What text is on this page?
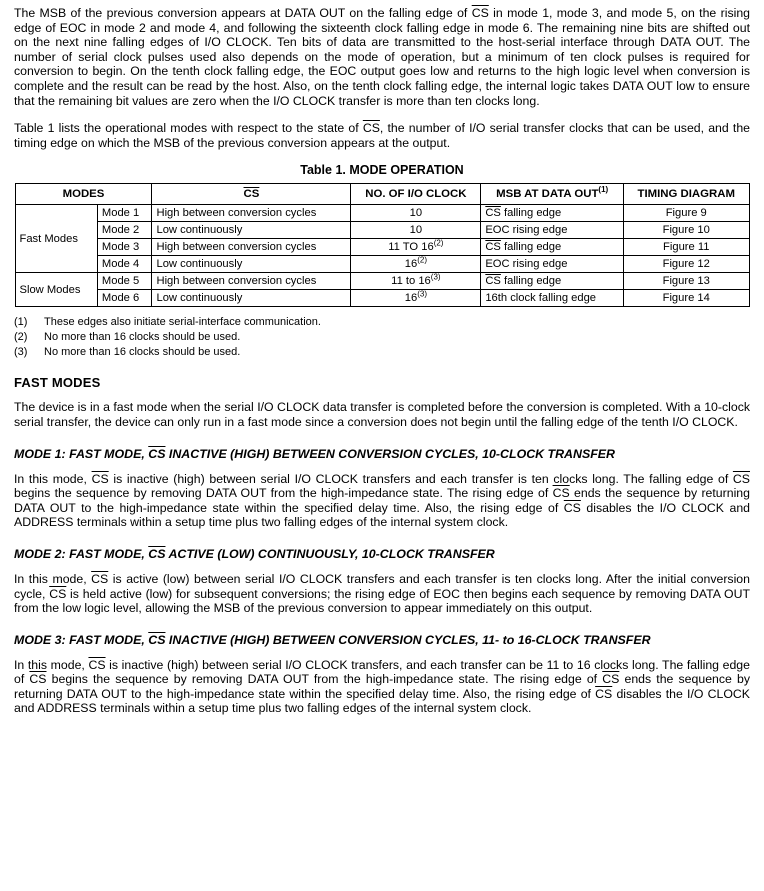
The MSB of the previous conversion appears at DATA OUT on the falling edge of $\overline{CS}$ in mode 1, mode 3, and mode 5, on the rising edge of EOC in mode 2 and mode 4, and following the sixteenth clock falling edge in mode 6. The remaining nine bits are shifted out on the next nine falling edges of I/O CLOCK. Ten bits of data are transmitted to the host-serial interface through DATA OUT. The number of serial clock pulses used also depends on the mode of operation, but a minimum of ten clock pulses is required for conversion to begin. On the tenth clock falling edge, the EOC output goes low and returns to the high logic level when conversion is complete and the result can be read by the host. Also, on the tenth clock falling edge, the internal logic takes DATA OUT low to ensure that the remaining bit values are zero when the I/O CLOCK transfer is more than ten clocks long.

Table 1 lists the operational modes with respect to the state of $\overline{CS}$, the number of I/O serial transfer clocks that can be used, and the timing edge on which the MSB of the previous conversion appears at the output.

Table 1. MODE OPERATION
MODES		$\overline{CS}$	NO. OF I/O CLOCK	MSB AT DATA OUT$^{(1)}$	TIMING DIAGRAM
Fast Modes	Mode 1	High between conversion cycles	10	$\overline{CS}$ falling edge	Figure 9
	Mode 2	Low continuously	10	EOC rising edge	Figure 10
	Mode 3	High between conversion cycles	11 TO 16$^{(2)}$	$\overline{CS}$ falling edge	Figure 11
	Mode 4	Low continuously	16$^{(2)}$	EOC rising edge	Figure 12
Slow Modes	Mode 5	High between conversion cycles	11 to 16$^{(3)}$	$\overline{CS}$ falling edge	Figure 13
	Mode 6	Low continuously	16$^{(3)}$	16th clock falling edge	Figure 14
(1)	These edges also initiate serial-interface communication.
(2)	No more than 16 clocks should be used.
(3)	No more than 16 clocks should be used.
FAST MODES

The device is in a fast mode when the serial I/O CLOCK data transfer is completed before the conversion is completed. With a 10-clock serial transfer, the device can only run in a fast mode since a conversion does not begin until the falling edge of the tenth I/O CLOCK.

MODE 1: FAST MODE, CS INACTIVE (HIGH) BETWEEN CONVERSION CYCLES, 10-CLOCK TRANSFER

In this mode, $\overline{CS}$ is inactive (high) between serial I/O CLOCK transfers and each transfer is ten clocks long. The falling edge of $\overline{CS}$ begins the sequence by removing DATA OUT from the high-impedance state. The rising edge of $\overline{CS}$ ends the sequence by returning DATA OUT to the high-impedance state within the specified delay time. Also, the rising edge of $\overline{CS}$ disables the I/O CLOCK and ADDRESS terminals within a setup time plus two falling edges of the internal system clock.

MODE 2: FAST MODE, CS ACTIVE (LOW) CONTINUOUSLY, 10-CLOCK TRANSFER

In this mode, $\overline{CS}$ is active (low) between serial I/O CLOCK transfers and each transfer is ten clocks long. After the initial conversion cycle, $\overline{CS}$ is held active (low) for subsequent conversions; the rising edge of EOC then begins each sequence by removing DATA OUT from the low logic level, allowing the MSB of the previous conversion to appear immediately on this output.

MODE 3: FAST MODE, CS INACTIVE (HIGH) BETWEEN CONVERSION CYCLES, 11- to 16-CLOCK TRANSFER

In this mode, $\overline{CS}$ is inactive (high) between serial I/O CLOCK transfers, and each transfer can be 11 to 16 clocks long. The falling edge of $\overline{CS}$ begins the sequence by removing DATA OUT from the high-impedance state. The rising edge of $\overline{CS}$ ends the sequence by returning DATA OUT to the high-impedance state within the specified delay time. Also, the rising edge of $\overline{CS}$ disables the I/O CLOCK and ADDRESS terminals within a setup time plus two falling edges of the internal system clock.
